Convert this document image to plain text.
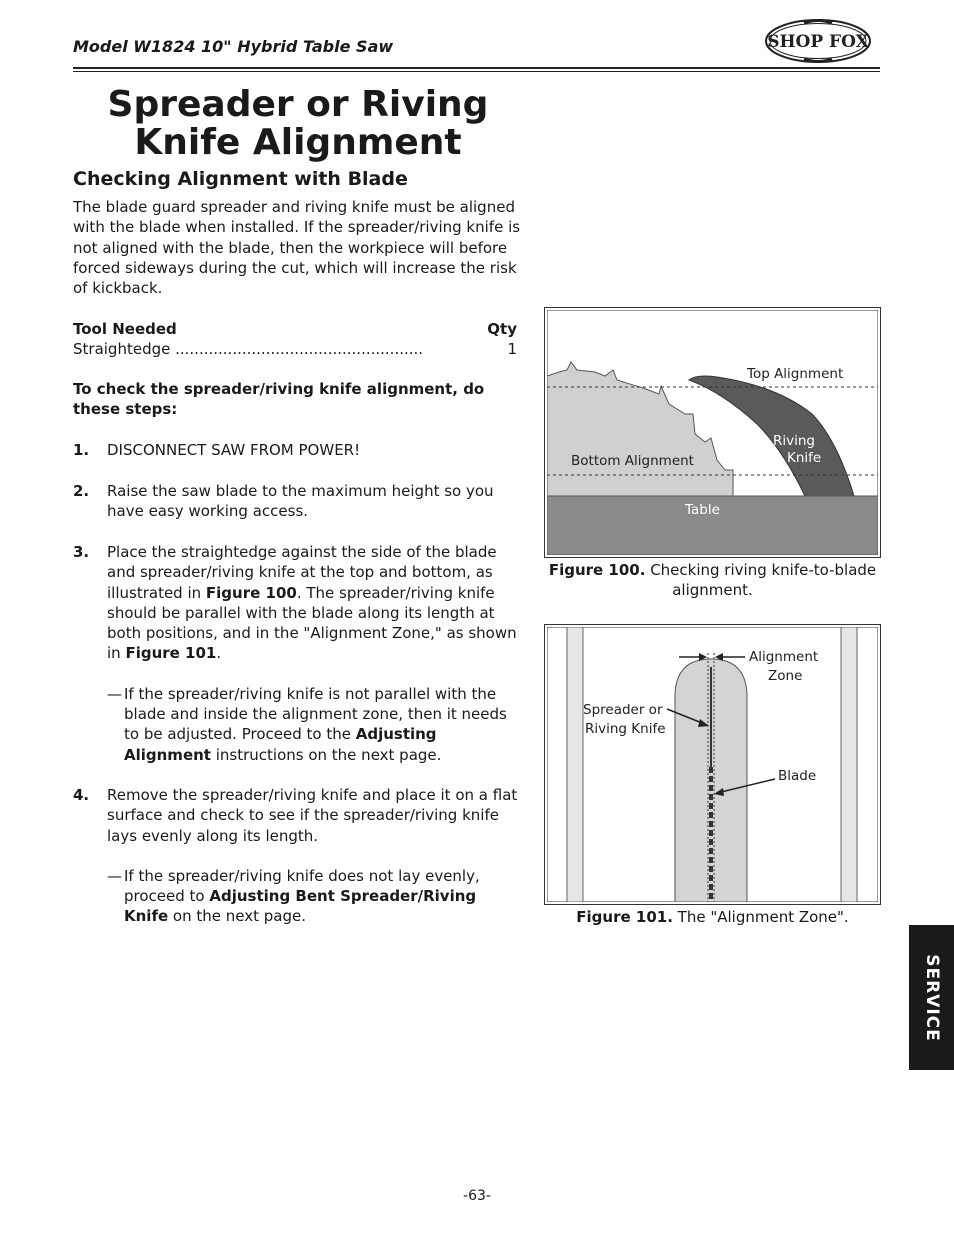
Model W1824 10" Hybrid Table Saw	SHOP FOX
Spreader or Riving Knife Alignment
Checking Alignment with Blade

The blade guard spreader and riving knife must be aligned with the blade when installed. If the spreader/riving knife is not aligned with the blade, then the workpiece will before forced sideways during the cut, which will increase the risk of kickback.

Tool Needed	Qty
Straightedge ....................................................	1
To check the spreader/riving knife alignment, do these steps:
1. DISCONNECT SAW FROM POWER!
2. Raise the saw blade to the maximum height so you have easy working access.
3. Place the straightedge against the side of the blade and spreader/riving knife at the top and bottom, as illustrated in Figure 100. The spreader/riving knife should be parallel with the blade along its length at both positions, and in the "Alignment Zone," as shown in Figure 101.
— If the spreader/riving knife is not parallel with the blade and inside the alignment zone, then it needs to be adjusted. Proceed to the Adjusting Alignment instructions on the next page.
4. Remove the spreader/riving knife and place it on a flat surface and check to see if the spreader/riving knife lays evenly along its length.
— If the spreader/riving knife does not lay evenly, proceed to Adjusting Bent Spreader/Riving Knife on the next page.
Top Alignment
Riving
Knife
Bottom Alignment
Table
Figure 100. Checking riving knife-to-blade alignment.
Alignment
Zone
Spreader or
Riving Knife
Blade
Figure 101. The "Alignment Zone".
SERVICE
-63-
